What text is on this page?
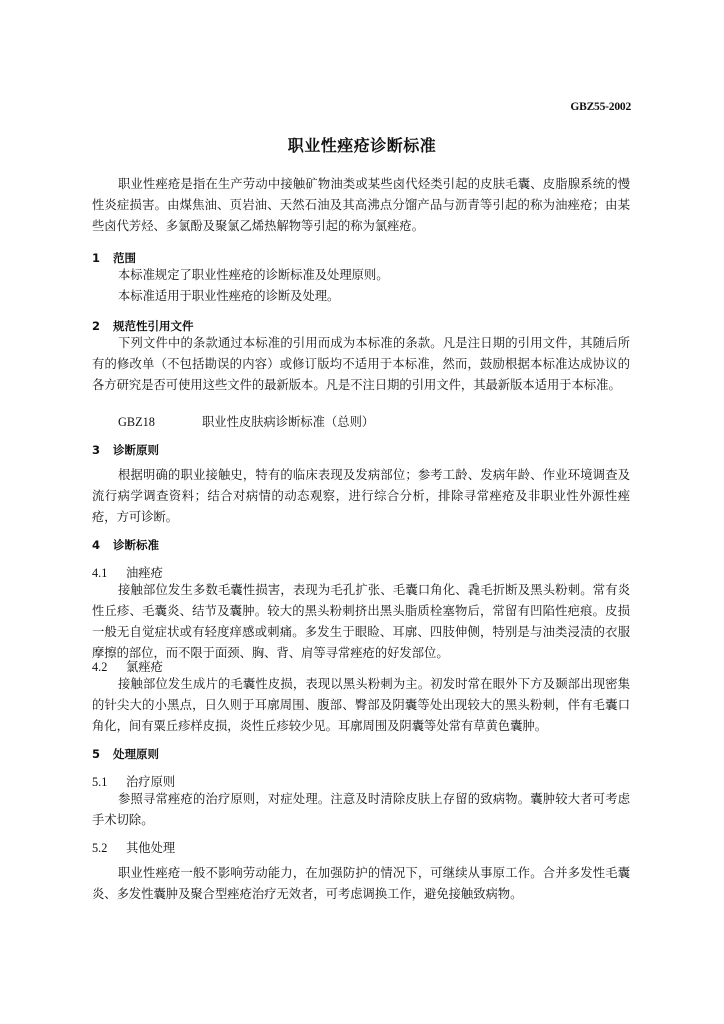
GBZ55-2002
职业性痤疮诊断标准
职业性痤疮是指在生产劳动中接触矿物油类或某些卤代烃类引起的皮肤毛囊、皮脂腺系统的慢性炎症损害。由煤焦油、页岩油、天然石油及其高沸点分馏产品与沥青等引起的称为油痤疮；由某些卤代芳烃、多氯酚及聚氯乙烯热解物等引起的称为氯痤疮。
1 范围
本标准规定了职业性痤疮的诊断标准及处理原则。
本标准适用于职业性痤疮的诊断及处理。
2 规范性引用文件
下列文件中的条款通过本标准的引用而成为本标准的条款。凡是注日期的引用文件，其随后所有的修改单（不包括勘误的内容）或修订版均不适用于本标准，然而，鼓励根据本标准达成协议的各方研究是否可使用这些文件的最新版本。凡是不注日期的引用文件，其最新版本适用于本标准。
GBZ18	职业性皮肤病诊断标准（总则）
3 诊断原则
根据明确的职业接触史，特有的临床表现及发病部位；参考工龄、发病年龄、作业环境调查及流行病学调查资料；结合对病情的动态观察，进行综合分析，排除寻常痤疮及非职业性外源性痤疮，方可诊断。
4 诊断标准
4.1 油痤疮
接触部位发生多数毛囊性损害，表现为毛孔扩张、毛囊口角化、毳毛折断及黑头粉刺。常有炎性丘疹、毛囊炎、结节及囊肿。较大的黑头粉刺挤出黑头脂质栓塞物后，常留有凹陷性疤痕。皮损一般无自觉症状或有轻度痒感或刺痛。多发生于眼睑、耳廓、四肢伸侧，特别是与油类浸渍的衣服摩擦的部位，而不限于面颈、胸、背、肩等寻常痤疮的好发部位。
4.2 氯痤疮
接触部位发生成片的毛囊性皮损，表现以黑头粉刺为主。初发时常在眼外下方及颞部出现密集的针尖大的小黑点，日久则于耳廓周围、腹部、臀部及阴囊等处出现较大的黑头粉刺，伴有毛囊口角化，间有粟丘疹样皮损，炎性丘疹较少见。耳廓周围及阴囊等处常有草黄色囊肿。
5 处理原则
5.1 治疗原则
参照寻常痤疮的治疗原则，对症处理。注意及时清除皮肤上存留的致病物。囊肿较大者可考虑手术切除。
5.2 其他处理
职业性痤疮一般不影响劳动能力，在加强防护的情况下，可继续从事原工作。合并多发性毛囊炎、多发性囊肿及聚合型痤疮治疗无效者，可考虑调换工作，避免接触致病物。
